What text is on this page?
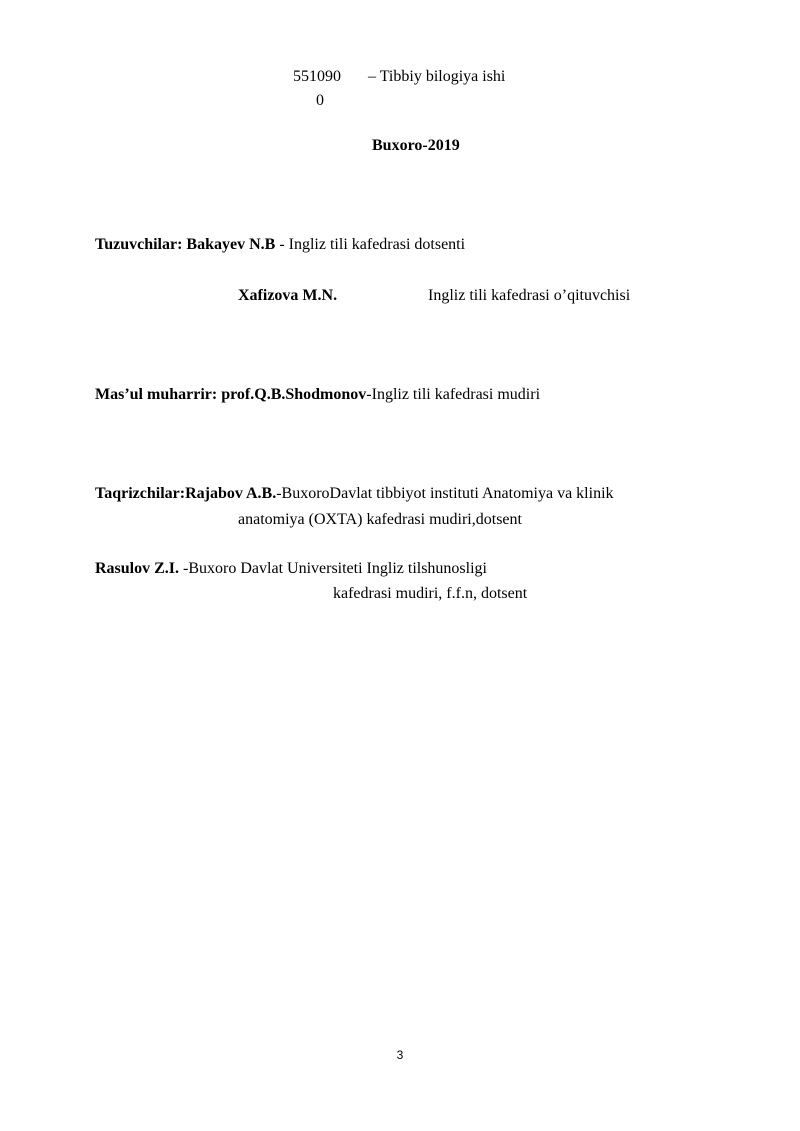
551090 – Tibbiy bilogiya ishi
0
Buxoro-2019
Tuzuvchilar: Bakayev N.B - Ingliz tili kafedrasi dotsenti
Xafizova M.N.	Ingliz tili kafedrasi o’qituvchisi
Mas’ul muharrir: prof.Q.B.Shodmonov-Ingliz tili kafedrasi mudiri
Taqrizchilar:Rajabov A.B.-BuxoroDavlat tibbiyot instituti Anatomiya va klinik
anatomiya (OXTA) kafedrasi mudiri,dotsent
Rasulov Z.I. -Buxoro Davlat Universiteti Ingliz tilshunosligi
kafedrasi mudiri, f.f.n, dotsent
3
